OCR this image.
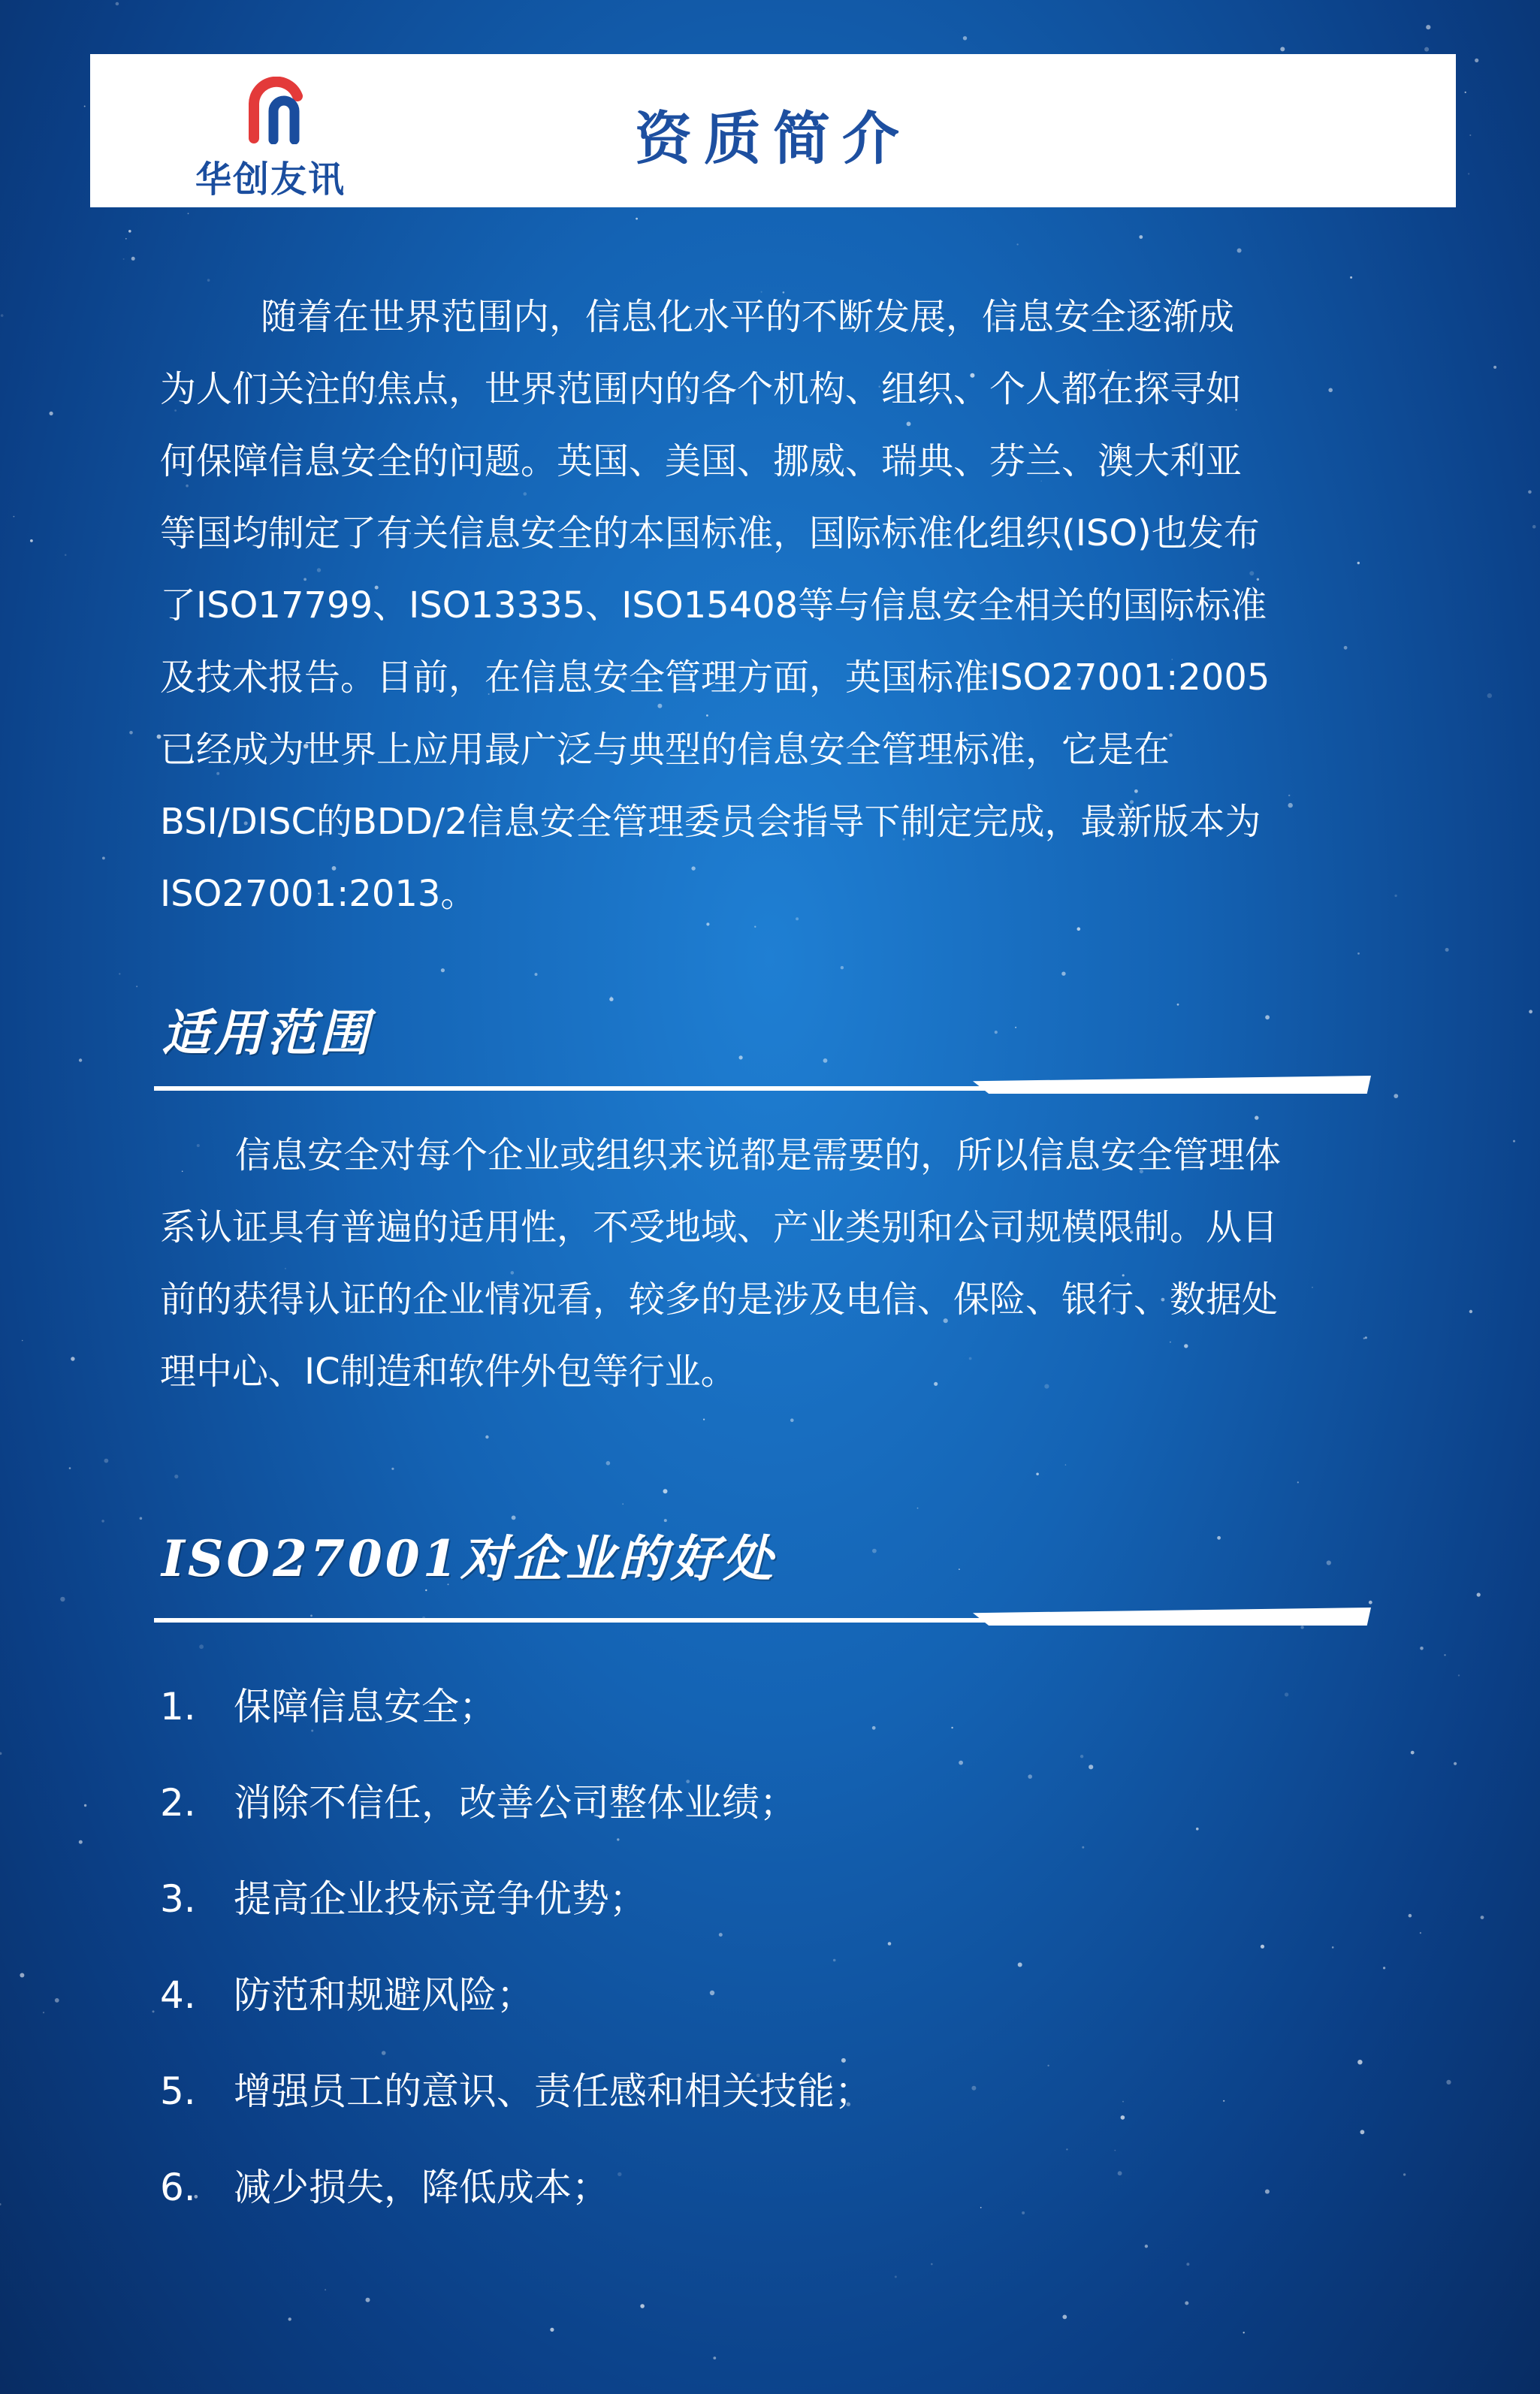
华创友讯
资质简介
随着在世界范围内，信息化水平的不断发展，信息安全逐渐成
为人们关注的焦点，世界范围内的各个机构、组织、个人都在探寻如
何保障信息安全的问题。英国、美国、挪威、瑞典、芬兰、澳大利亚
等国均制定了有关信息安全的本国标准，国际标准化组织(ISO)也发布
了ISO17799、ISO13335、ISO15408等与信息安全相关的国际标准
及技术报告。目前，在信息安全管理方面，英国标准ISO27001:2005
已经成为世界上应用最广泛与典型的信息安全管理标准，它是在
BSI/DISC的BDD/2信息安全管理委员会指导下制定完成，最新版本为
ISO27001:2013。
适用范围
信息安全对每个企业或组织来说都是需要的，所以信息安全管理体
系认证具有普遍的适用性，不受地域、产业类别和公司规模限制。从目
前的获得认证的企业情况看，较多的是涉及电信、保险、银行、数据处
理中心、IC制造和软件外包等行业。
ISO27001对企业的好处
1. 保障信息安全；
2. 消除不信任，改善公司整体业绩；
3. 提高企业投标竞争优势；
4. 防范和规避风险；
5. 增强员工的意识、责任感和相关技能；
6. 减少损失，降低成本；
